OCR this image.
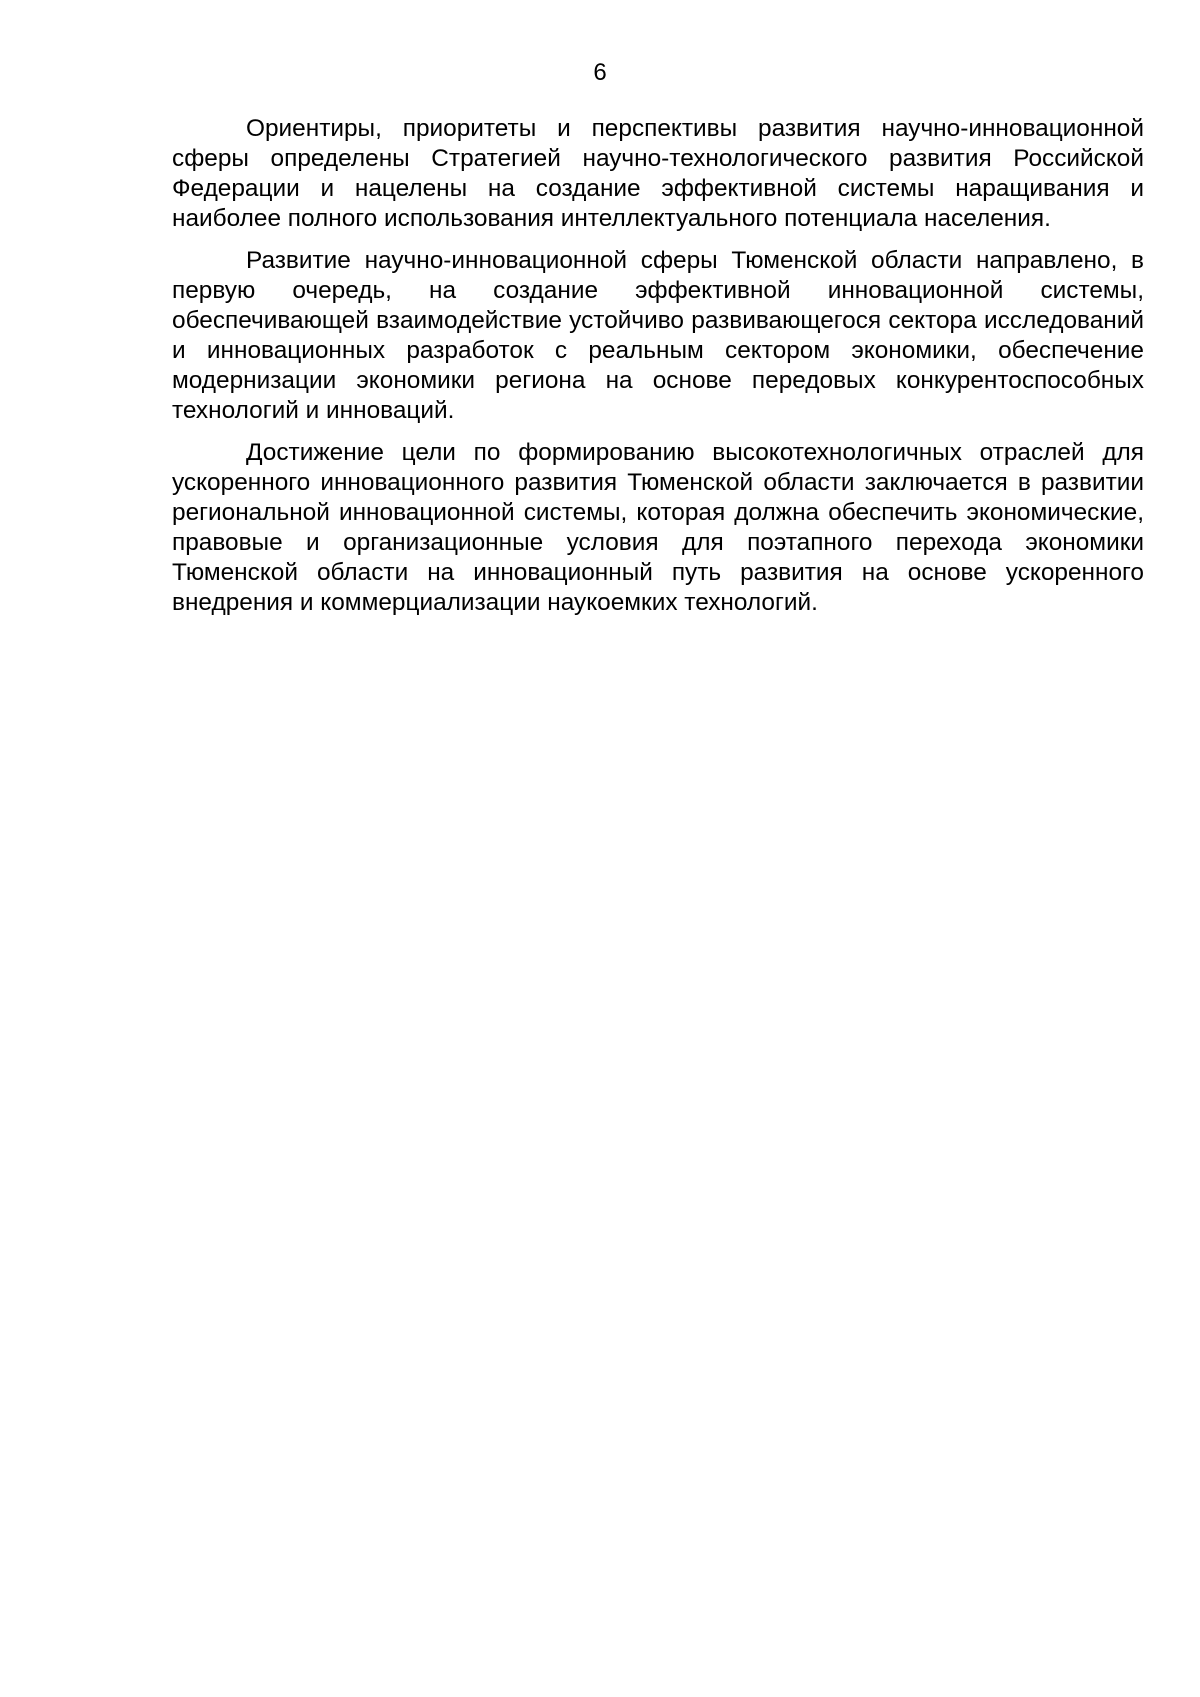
6

Ориентиры, приоритеты и перспективы развития научно-инновационной сферы определены Стратегией научно-технологического развития Российской Федерации и нацелены на создание эффективной системы наращивания и наиболее полного использования интеллектуального потенциала населения.

Развитие научно-инновационной сферы Тюменской области направлено, в первую очередь, на создание эффективной инновационной системы, обеспечивающей взаимодействие устойчиво развивающегося сектора исследований и инновационных разработок с реальным сектором экономики, обеспечение модернизации экономики региона на основе передовых конкурентоспособных технологий и инноваций.

Достижение цели по формированию высокотехнологичных отраслей для ускоренного инновационного развития Тюменской области заключается в развитии региональной инновационной системы, которая должна обеспечить экономические, правовые и организационные условия для поэтапного перехода экономики Тюменской области на инновационный путь развития на основе ускоренного внедрения и коммерциализации наукоемких технологий.
